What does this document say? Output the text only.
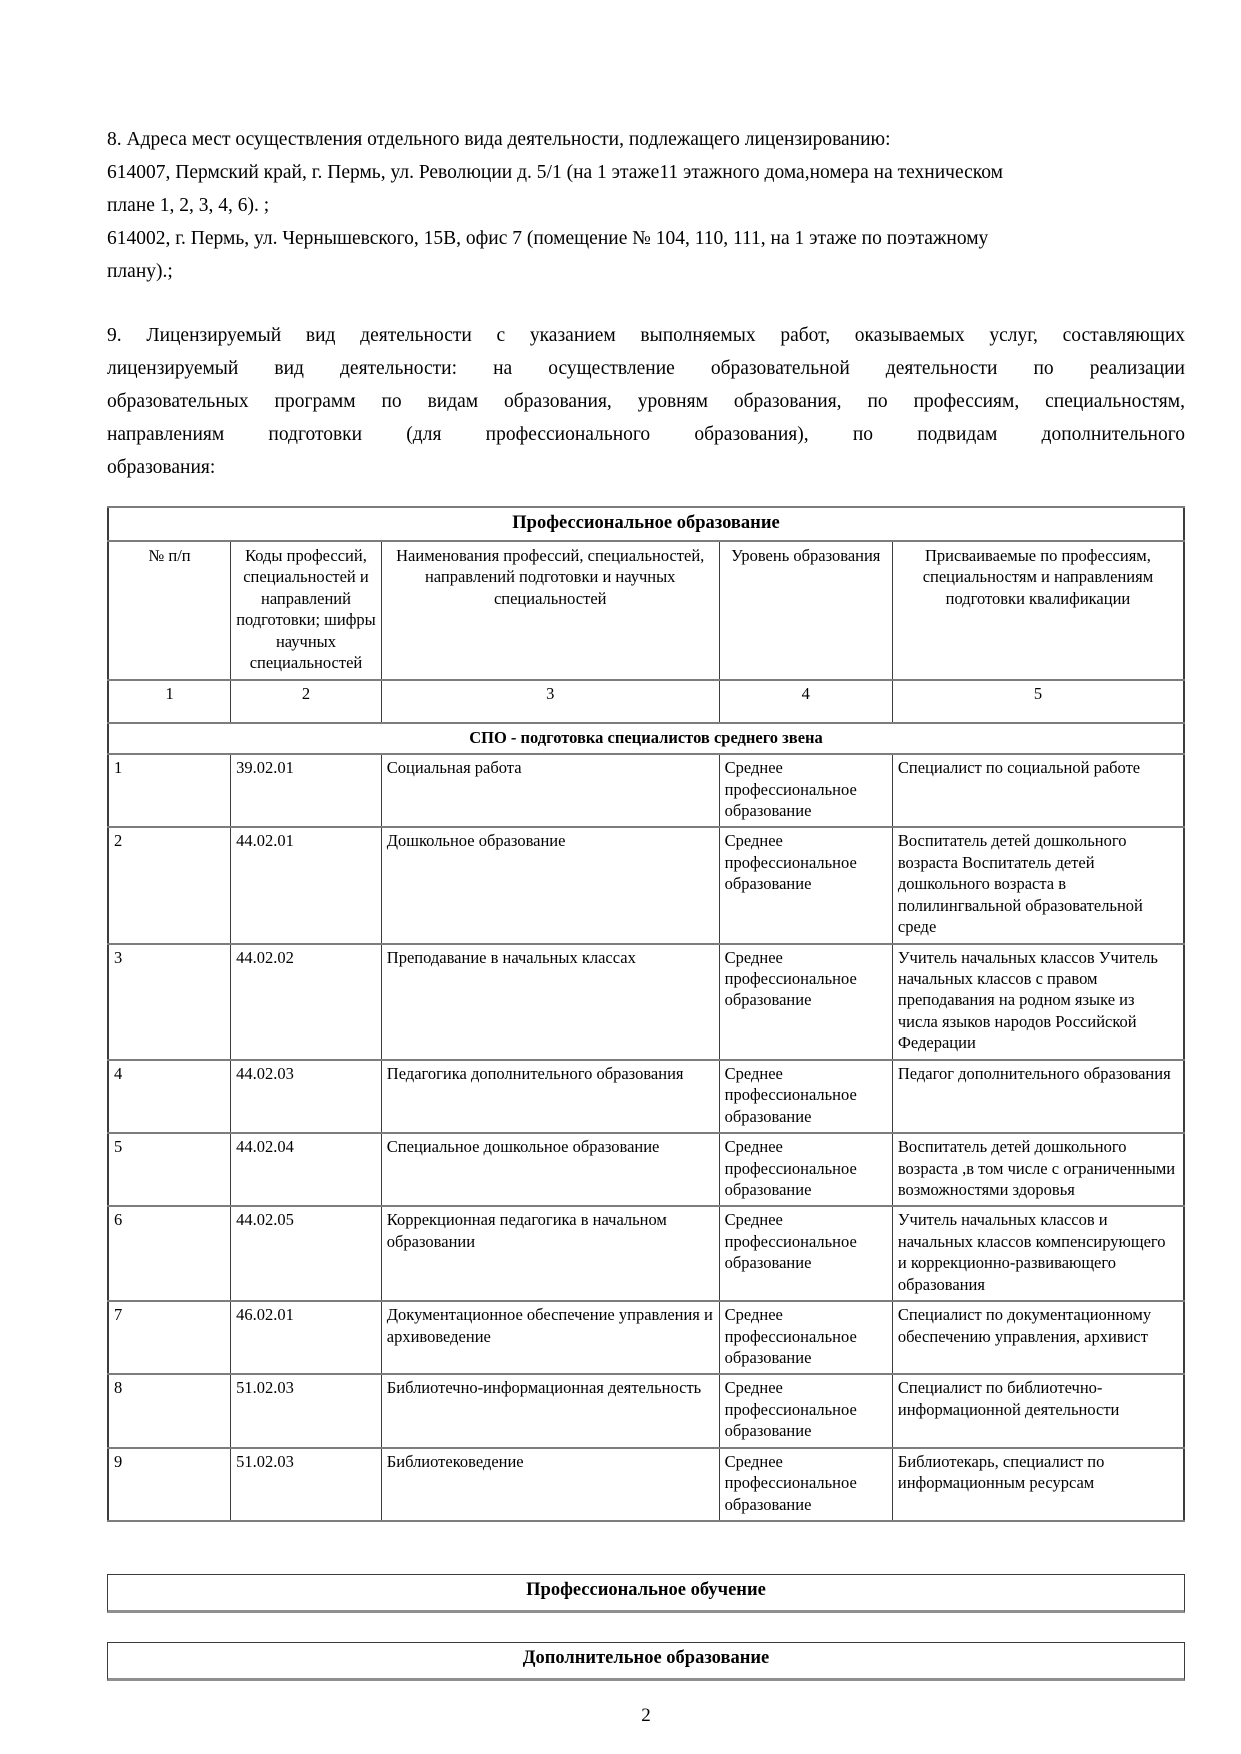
8. Адреса мест осуществления отдельного вида деятельности, подлежащего лицензированию:
614007, Пермский край, г. Пермь, ул. Революции д. 5/1 (на 1 этаже11 этажного дома,номера на техническом
плане 1, 2, 3, 4, 6). ;
614002, г. Пермь, ул. Чернышевского, 15В, офис 7 (помещение № 104, 110, 111, на 1 этаже по поэтажному
плану).;
9. Лицензируемый вид деятельности с указанием выполняемых работ, оказываемых услуг, составляющих
лицензируемый вид деятельности: на осуществление образовательной деятельности по реализации
образовательных программ по видам образования, уровням образования, по профессиям, специальностям,
направлениям подготовки (для профессионального образования), по подвидам дополнительного
образования:
Профессиональное образование				
№ п/п	Коды профессий, специальностей и направлений подготовки; шифры научных специальностей	Наименования профессий, специальностей, направлений подготовки и научных специальностей	Уровень образования	Присваиваемые по профессиям, специальностям и направлениям подготовки квалификации
1	2	3	4	5
СПО - подготовка специалистов среднего звена				
1	39.02.01	Социальная работа	Среднее профессиональное образование	Специалист по социальной работе
2	44.02.01	Дошкольное образование	Среднее профессиональное образование	Воспитатель детей дошкольного возраста Воспитатель детей дошкольного возраста в полилингвальной образовательной среде
3	44.02.02	Преподавание в начальных классах	Среднее профессиональное образование	Учитель начальных классов Учитель начальных классов с правом преподавания на родном языке из числа языков народов Российской Федерации
4	44.02.03	Педагогика дополнительного образования	Среднее профессиональное образование	Педагог дополнительного образования
5	44.02.04	Специальное дошкольное образование	Среднее профессиональное образование	Воспитатель детей дошкольного возраста ,в том числе с ограниченными возможностями здоровья
6	44.02.05	Коррекционная педагогика в начальном образовании	Среднее профессиональное образование	Учитель начальных классов и начальных классов компенсирующего и коррекционно-развивающего образования
7	46.02.01	Документационное обеспечение управления и архивоведение	Среднее профессиональное образование	Специалист по документационному обеспечению управления, архивист
8	51.02.03	Библиотечно-информационная деятельность	Среднее профессиональное образование	Специалист по библиотечно-информационной деятельности
9	51.02.03	Библиотековедение	Среднее профессиональное образование	Библиотекарь, специалист по информационным ресурсам
Профессиональное обучение
Дополнительное образование
2
